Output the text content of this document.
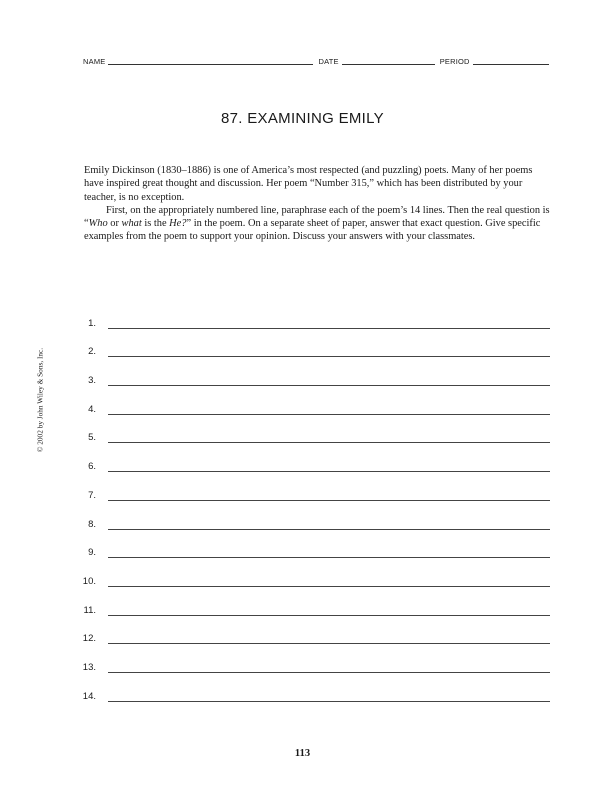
NAME	DATE	PERIOD
87. EXAMINING EMILY

Emily Dickinson (1830–1886) is one of America’s most respected (and puzzling) poets. Many of her poems have inspired great thought and discussion. Her poem “Number 315,” which has been distributed by your teacher, is no exception.

First, on the appropriately numbered line, paraphrase each of the poem’s 14 lines. Then the real question is “Who or what is the He?” in the poem. On a separate sheet of paper, answer that exact question. Give specific examples from the poem to support your opinion. Discuss your answers with your classmates.

© 2002 by John Wiley & Sons, Inc.
1.
2.
3.
4.
5.
6.
7.
8.
9.
10.
11.
12.
13.
14.
113
